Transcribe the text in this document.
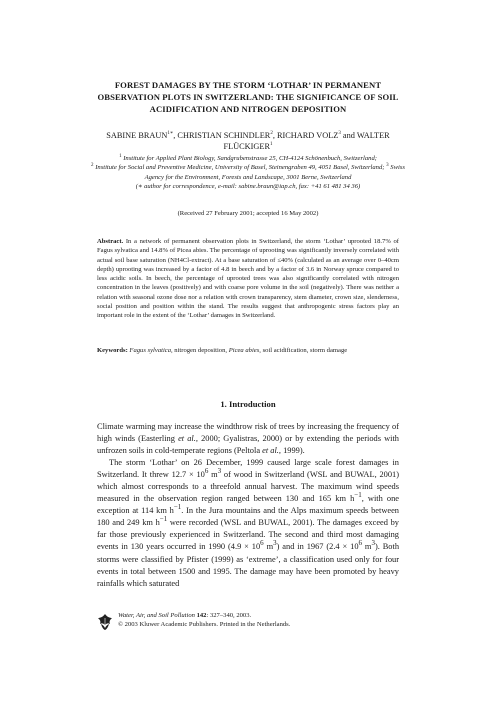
FOREST DAMAGES BY THE STORM ‘LOTHAR’ IN PERMANENT OBSERVATION PLOTS IN SWITZERLAND: THE SIGNIFICANCE OF SOIL ACIDIFICATION AND NITROGEN DEPOSITION
SABINE $BRAUN^{1∗}$, CHRISTIAN SCHINDLER$^2$, RICHARD VOLZ$^3$ and WALTER FLÜCKIGER$^1$
$^1$ Institute for Applied Plant Biology, Sandgrubenstrasse 25, CH-4124 Schönenbuch, Switzerland;
$^2$ Institute for Social and Preventive Medicine, University of Basel, Steinengraben 49, 4051 Basel, Switzerland; $^3$ Swiss Agency for the Environment, Forests and Landscape, 3001 Berne, Switzerland
(∗ author for correspondence, e-mail: sabine.braun@iap.ch, fax: +41 61 481 34 36)
(Received 27 February 2001; accepted 16 May 2002)
Abstract. In a network of permanent observation plots in Switzerland, the storm ‘Lothar’ uprooted 18.7% of Fagus sylvatica and 14.8% of Picea abies. The percentage of uprooting was significantly inversely correlated with actual soil base saturation (NH4Cl-extract). At a base saturation of ≤40% (calculated as an average over 0–40cm depth) uprooting was increased by a factor of 4.8 in beech and by a factor of 3.6 in Norway spruce compared to less acidic soils. In beech, the percentage of uprooted trees was also significantly correlated with nitrogen concentration in the leaves (positively) and with coarse pore volume in the soil (negatively). There was neither a relation with seasonal ozone dose nor a relation with crown transparency, stem diameter, crown size, slenderness, social position and position within the stand. The results suggest that anthropogenic stress factors play an important role in the extent of the ‘Lothar’ damages in Switzerland.
Keywords: Fagus sylvatica, nitrogen deposition, Picea abies, soil acidification, storm damage
1. Introduction

Climate warming may increase the windthrow risk of trees by increasing the frequency of high winds (Easterling et al., 2000; Gyalistras, 2000) or by extending the periods with unfrozen soils in cold-temperate regions (Peltola et al., 1999).

The storm ‘Lothar’ on 26 December, 1999 caused large scale forest damages in Switzerland. It threw $12.7 \times 10^6$ $m^3$ of wood in Switzerland (WSL and BUWAL, 2001) which almost corresponds to a threefold annual harvest. The maximum wind speeds measured in the observation region ranged between 130 and 165 km $h^{-1}$, with one exception at 114 km $h^{-1}$. In the Jura mountains and the Alps maximum speeds between 180 and 249 km $h^{-1}$ were recorded (WSL and BUWAL, 2001). The damages exceed by far those previously experienced in Switzerland. The second and third most damaging events in 130 years occurred in 1990 ($4.9 \times 10^6$ $m^3$) and in 1967 ($2.4 \times 10^6$ $m^3$). Both storms were classified by Pfister (1999) as ‘extreme’, a classification used only for four events in total between 1500 and 1995. The damage may have been promoted by heavy rainfalls which saturated

Water, Air, and Soil Pollution 142: 327–340, 2003.
© 2003 Kluwer Academic Publishers. Printed in the Netherlands.
